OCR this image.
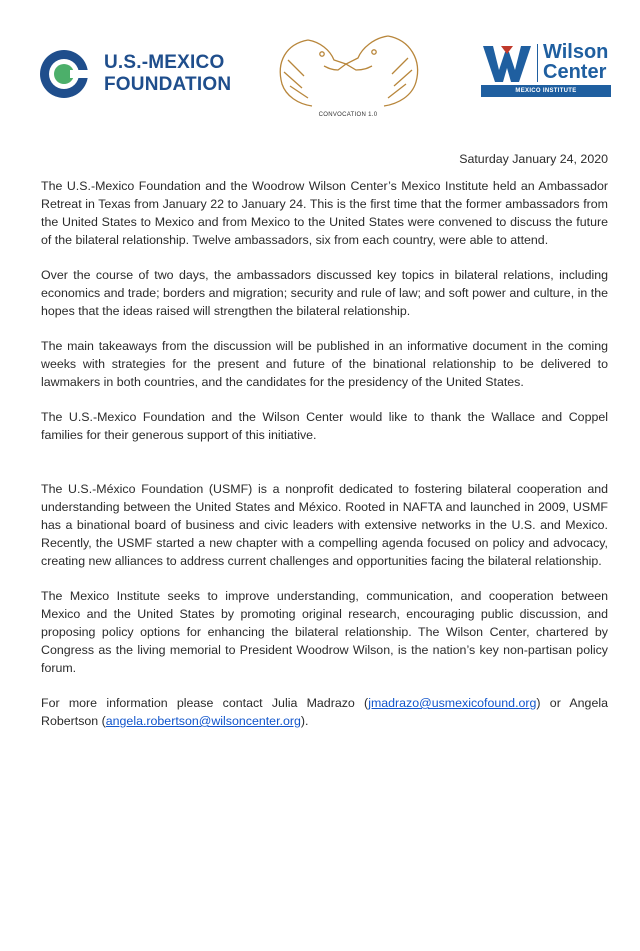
U.S.-MEXICO
FOUNDATION
CONVOCATION 1.0
Wilson
Center
MEXICO INSTITUTE
Saturday January 24, 2020

The U.S.-Mexico Foundation and the Woodrow Wilson Center’s Mexico Institute held an Ambassador Retreat in Texas from January 22 to January 24. This is the first time that the former ambassadors from the United States to Mexico and from Mexico to the United States were convened to discuss the future of the bilateral relationship. Twelve ambassadors, six from each country, were able to attend.

Over the course of two days, the ambassadors discussed key topics in bilateral relations, including economics and trade; borders and migration; security and rule of law; and soft power and culture, in the hopes that the ideas raised will strengthen the bilateral relationship.

The main takeaways from the discussion will be published in an informative document in the coming weeks with strategies for the present and future of the binational relationship to be delivered to lawmakers in both countries, and the candidates for the presidency of the United States.

The U.S.-Mexico Foundation and the Wilson Center would like to thank the Wallace and Coppel families for their generous support of this initiative.

The U.S.-México Foundation (USMF) is a nonprofit dedicated to fostering bilateral cooperation and understanding between the United States and México. Rooted in NAFTA and launched in 2009, USMF has a binational board of business and civic leaders with extensive networks in the U.S. and Mexico. Recently, the USMF started a new chapter with a compelling agenda focused on policy and advocacy, creating new alliances to address current challenges and opportunities facing the bilateral relationship.

The Mexico Institute seeks to improve understanding, communication, and cooperation between Mexico and the United States by promoting original research, encouraging public discussion, and proposing policy options for enhancing the bilateral relationship. The Wilson Center, chartered by Congress as the living memorial to President Woodrow Wilson, is the nation’s key non-partisan policy forum.

For more information please contact Julia Madrazo (jmadrazo@usmexicofound.org) or Angela Robertson (angela.robertson@wilsoncenter.org).
